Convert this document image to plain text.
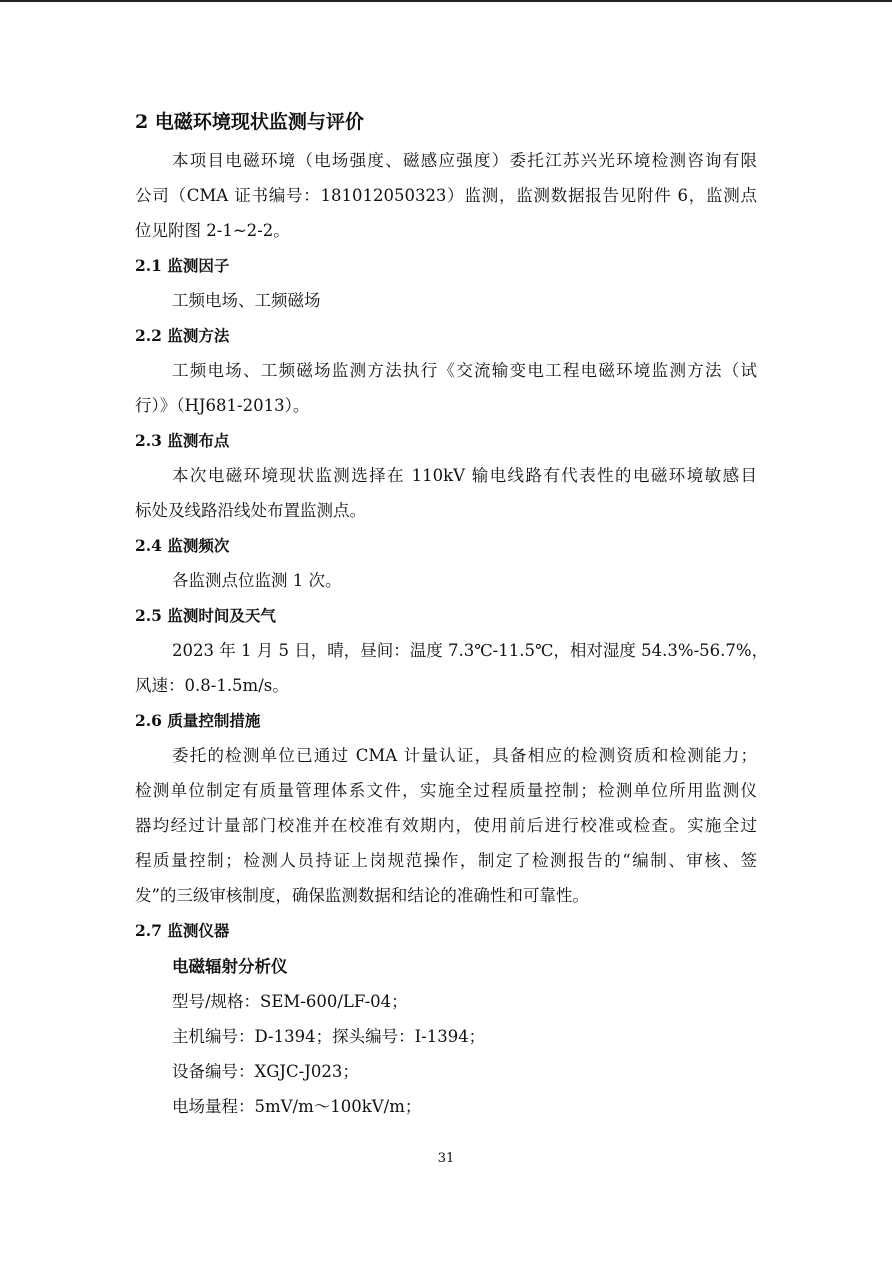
2 电磁环境现状监测与评价
本项目电磁环境（电场强度、磁感应强度）委托江苏兴光环境检测咨询有限
公司（CMA 证书编号：181012050323）监测，监测数据报告见附件 6，监测点
位见附图 2-1~2-2。
2.1 监测因子
工频电场、工频磁场
2.2 监测方法
工频电场、工频磁场监测方法执行《交流输变电工程电磁环境监测方法（试
行）》（HJ681-2013）。
2.3 监测布点
本次电磁环境现状监测选择在 110kV 输电线路有代表性的电磁环境敏感目
标处及线路沿线处布置监测点。
2.4 监测频次
各监测点位监测 1 次。
2.5 监测时间及天气
2023 年 1 月 5 日，晴，昼间：温度 7.3℃-11.5℃，相对湿度 54.3%-56.7%，
风速：0.8-1.5m/s。
2.6 质量控制措施
委托的检测单位已通过 CMA 计量认证，具备相应的检测资质和检测能力；
检测单位制定有质量管理体系文件，实施全过程质量控制；检测单位所用监测仪
器均经过计量部门校准并在校准有效期内，使用前后进行校准或检查。实施全过
程质量控制；检测人员持证上岗规范操作，制定了检测报告的“编制、审核、签
发”的三级审核制度，确保监测数据和结论的准确性和可靠性。
2.7 监测仪器
电磁辐射分析仪
型号/规格：SEM-600/LF-04；
主机编号：D-1394；探头编号：I-1394；
设备编号：XGJC-J023；
电场量程：5mV/m～100kV/m；
31
